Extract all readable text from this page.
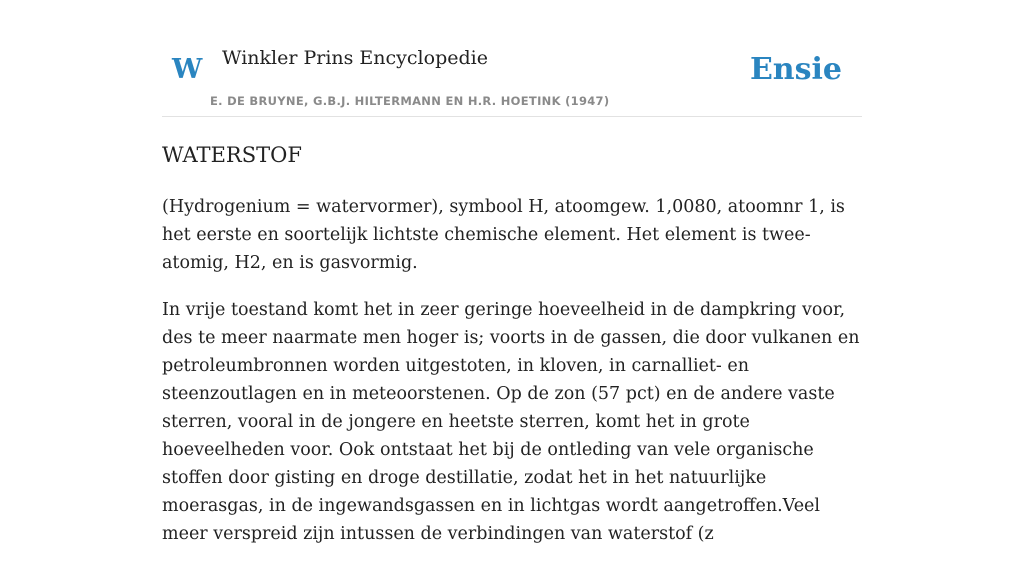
W Winkler Prins Encyclopedie
E. DE BRUYNE, G.B.J. HILTERMANN EN H.R. HOETINK (1947)
Ensie
WATERSTOF

(Hydrogenium = watervormer), symbool H, atoomgew. 1,0080, atoomnr 1, is het eerste en soortelijk lichtste chemische element. Het element is twee-atomig, H2, en is gasvormig.

In vrije toestand komt het in zeer geringe hoeveelheid in de dampkring voor, des te meer naarmate men hoger is; voorts in de gassen, die door vulkanen en petroleumbronnen worden uitgestoten, in kloven, in carnalliet- en steenzoutlagen en in meteoorstenen. Op de zon (57 pct) en de andere vaste sterren, vooral in de jongere en heetste sterren, komt het in grote hoeveelheden voor. Ook ontstaat het bij de ontleding van vele organische stoffen door gisting en droge destillatie, zodat het in het natuurlijke moerasgas, in de ingewandsgassen en in lichtgas wordt aangetroffen.Veel meer verspreid zijn intussen de verbindingen van waterstof (z
